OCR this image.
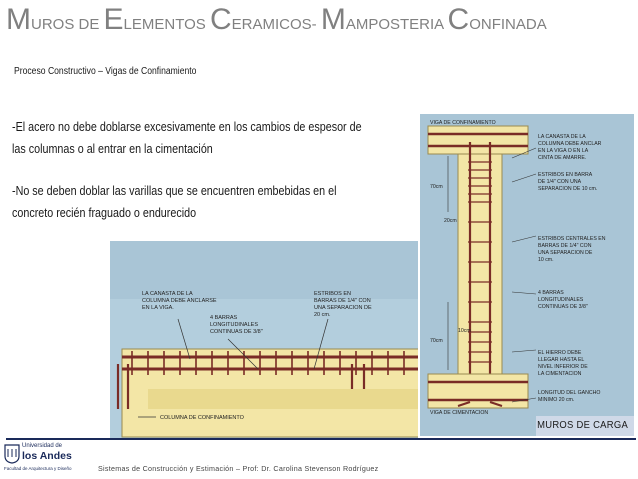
MUROS DE ELEMENTOS CERAMICOS- MAMPOSTERIA CONFINADA
Proceso Constructivo – Vigas de Confinamiento
-El acero no debe doblarse excesivamente en los cambios de espesor de las columnas o al entrar en la cimentación
-No se deben doblar las varillas que se encuentren embebidas en el concreto recién fraguado o endurecido
LA CANASTA DE LA
COLUMNA DEBE ANCLARSE
EN LA VIGA.
4 BARRAS
LONGITUDINALES
CONTINUAS DE 3/8"
ESTRIBOS EN
BARRAS DE 1/4" CON
UNA SEPARACION DE
20 cm.
COLUMNA DE CONFINAMIENTO
VIGA DE CONFINAMIENTO
70cm
20cm
10cm
70cm
VIGA DE CIMENTACION
LA CANASTA DE LA
COLUMNA DEBE ANCLAR
EN LA VIGA O EN LA
CINTA DE AMARRE.
ESTRIBOS EN BARRA
DE 1/4" CON UNA
SEPARACION DE 10 cm.
ESTRIBOS CENTRALES EN
BARRAS DE 1/4" CON
UNA SEPARACION DE
10 cm.
4 BARRAS
LONGITUDINALES
CONTINUAS DE 3/8"
EL HIERRO DEBE
LLEGAR HASTA EL
NIVEL INFERIOR DE
LA CIMENTACION
LONGITUD DEL GANCHO
MINIMO 20 cm.
MUROS DE CARGA
Universidad de
los Andes
Facultad de Arquitectura y Diseño	Sistemas de Construcción y Estimación – Prof: Dr. Carolina Stevenson Rodríguez
